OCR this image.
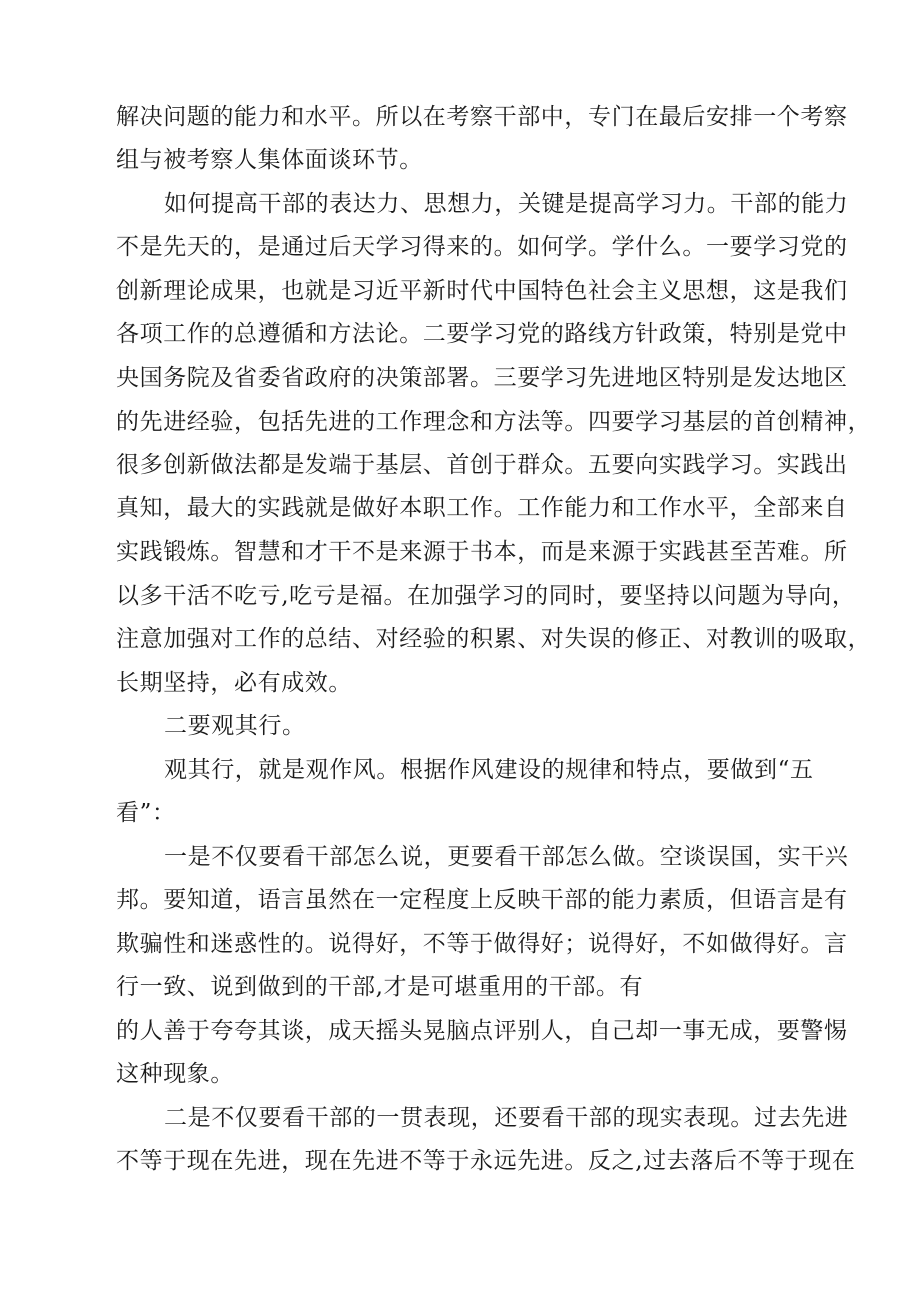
解决问题的能力和水平。所以在考察干部中，专门在最后安排一个考察
组与被考察人集体面谈环节。
如何提高干部的表达力、思想力，关键是提高学习力。干部的能力
不是先天的，是通过后天学习得来的。如何学。学什么。一要学习党的
创新理论成果，也就是习近平新时代中国特色社会主义思想，这是我们
各项工作的总遵循和方法论。二要学习党的路线方针政策，特别是党中
央国务院及省委省政府的决策部署。三要学习先进地区特别是发达地区
的先进经验，包括先进的工作理念和方法等。四要学习基层的首创精神，
很多创新做法都是发端于基层、首创于群众。五要向实践学习。实践出
真知，最大的实践就是做好本职工作。工作能力和工作水平，全部来自
实践锻炼。智慧和才干不是来源于书本，而是来源于实践甚至苦难。所
以多干活不吃亏,吃亏是福。在加强学习的同时，要坚持以问题为导向，
注意加强对工作的总结、对经验的积累、对失误的修正、对教训的吸取，
长期坚持，必有成效。
二要观其行。
观其行，就是观作风。根据作风建设的规律和特点，要做到“五
看”：
一是不仅要看干部怎么说，更要看干部怎么做。空谈误国，实干兴
邦。要知道，语言虽然在一定程度上反映干部的能力素质，但语言是有
欺骗性和迷惑性的。说得好，不等于做得好；说得好，不如做得好。言
行一致、说到做到的干部,才是可堪重用的干部。有
的人善于夸夸其谈，成天摇头晃脑点评别人，自己却一事无成，要警惕
这种现象。
二是不仅要看干部的一贯表现，还要看干部的现实表现。过去先进
不等于现在先进，现在先进不等于永远先进。反之,过去落后不等于现在
